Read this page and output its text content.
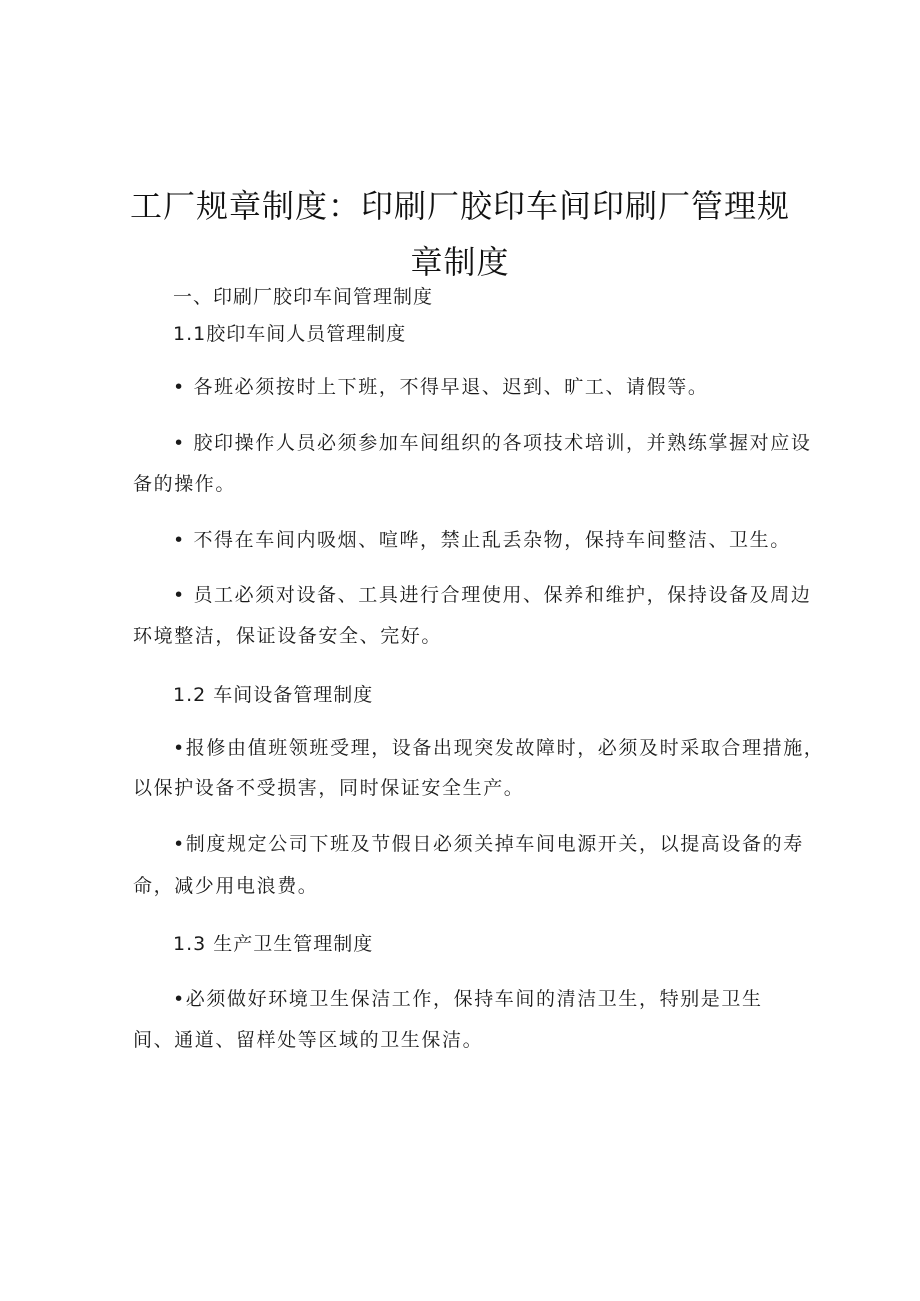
工厂规章制度：印刷厂胶印车间印刷厂管理规
章制度
一、印刷厂胶印车间管理制度
1.1胶印车间人员管理制度
• 各班必须按时上下班，不得早退、迟到、旷工、请假等。
• 胶印操作人员必须参加车间组织的各项技术培训，并熟练掌握对应设
备的操作。
• 不得在车间内吸烟、喧哗，禁止乱丢杂物，保持车间整洁、卫生。
• 员工必须对设备、工具进行合理使用、保养和维护，保持设备及周边
环境整洁，保证设备安全、完好。
1.2 车间设备管理制度
•报修由值班领班受理，设备出现突发故障时，必须及时采取合理措施，
以保护设备不受损害，同时保证安全生产。
•制度规定公司下班及节假日必须关掉车间电源开关，以提高设备的寿
命，减少用电浪费。
1.3 生产卫生管理制度
•必须做好环境卫生保洁工作，保持车间的清洁卫生，特别是卫生
间、通道、留样处等区域的卫生保洁。
